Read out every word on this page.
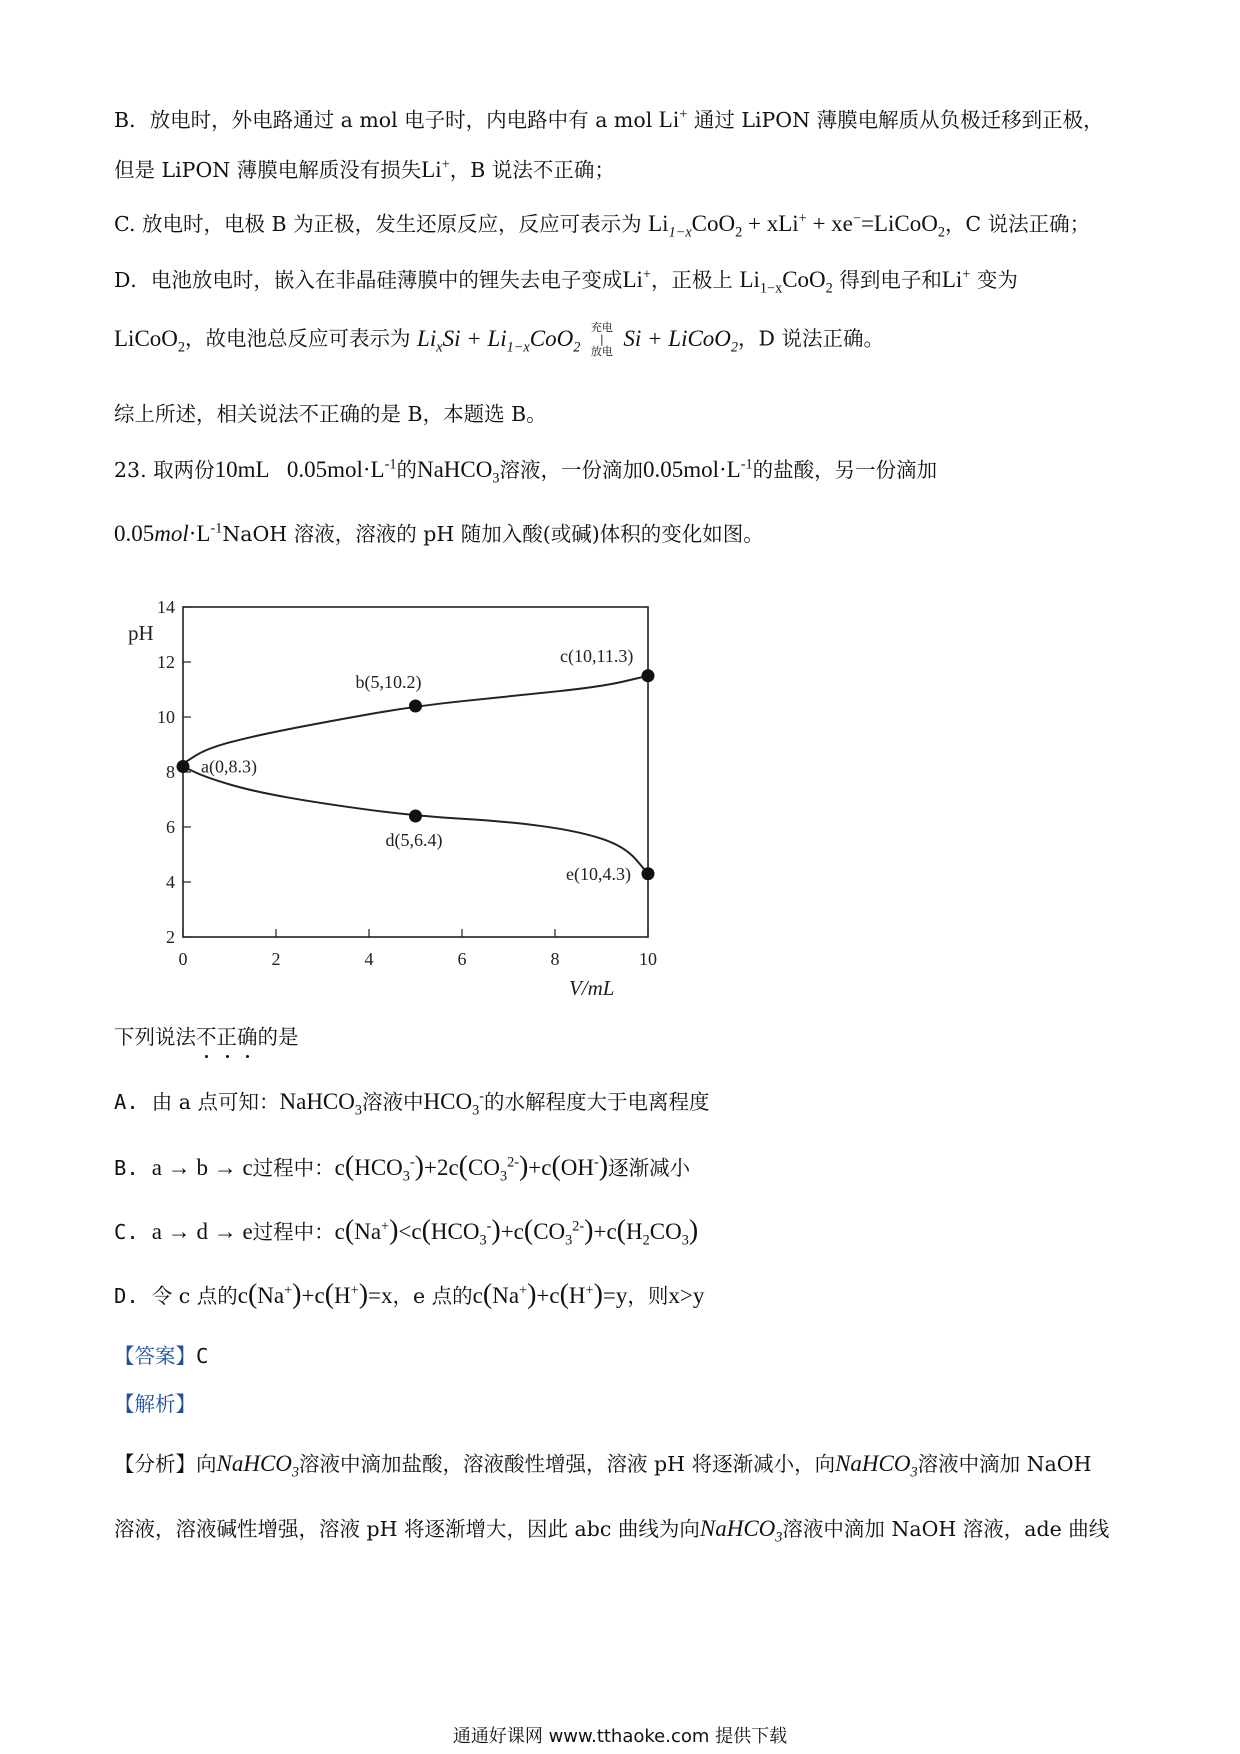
B．放电时，外电路通过 a mol 电子时，内电路中有 a mol Li+ 通过 LiPON 薄膜电解质从负极迁移到正极，
但是 LiPON 薄膜电解质没有损失Li+，B 说法不正确；
C. 放电时，电极 B 为正极，发生还原反应，反应可表示为 $Li_{1-x}CoO_2 + xLi^+$ + xe−=LiCoO$_2$，C 说法正确；
D．电池放电时，嵌入在非晶硅薄膜中的锂失去电子变成Li+，正极上 $Li_{1-x}CoO_2$ 得到电子和Li+ 变为
LiCoO$_2$，故电池总反应可表示为 $Li_xSi + Li_{1-x}CoO_2$ 充电
|
放电 Si + LiCoO$_2$，D 说法正确。
综上所述，相关说法不正确的是 B，本题选 B。
23. 取两份10mL   $0.05mol\cdot L^{-1}$的NaHCO$_3$溶液，一份滴加$0.05mol\cdot L^{-1}$的盐酸，另一份滴加
$0.05mol\cdot L^{-1}NaOH$ 溶液，溶液的 pH 随加入酸(或碱)体积的变化如图。
2
4
6
8
10
12
14
0	2	4	6	8	10
pH
V/mL
a(0,8.3)
b(5,10.2)
c(10,11.3)
d(5,6.4)
e(10,4.3)
下列说法不正确的是
A. 由 a 点可知：NaHCO$_3$溶液中$HCO_3^-$的水解程度大于电离程度
B. a → b → c过程中：$c(HCO_3^-)+2c(CO_3^{2-})+c(OH^-)$逐渐减小
C. a → d → e过程中：$c(Na^+)<c(HCO_3^-)+c(CO_3^{2-})+c(H_2CO_3)$
D. 令 c 点的c(Na+)+c(H+)=x，e 点的c(Na+)+c(H+)=y，则x>y
【答案】C
【解析】
【分析】向NaHCO$_3$溶液中滴加盐酸，溶液酸性增强，溶液 pH 将逐渐减小，向NaHCO$_3$溶液中滴加 NaOH
溶液，溶液碱性增强，溶液 pH 将逐渐增大，因此 abc 曲线为向NaHCO$_3$溶液中滴加 NaOH 溶液，ade 曲线
通通好课网 www.tthaoke.com 提供下载
